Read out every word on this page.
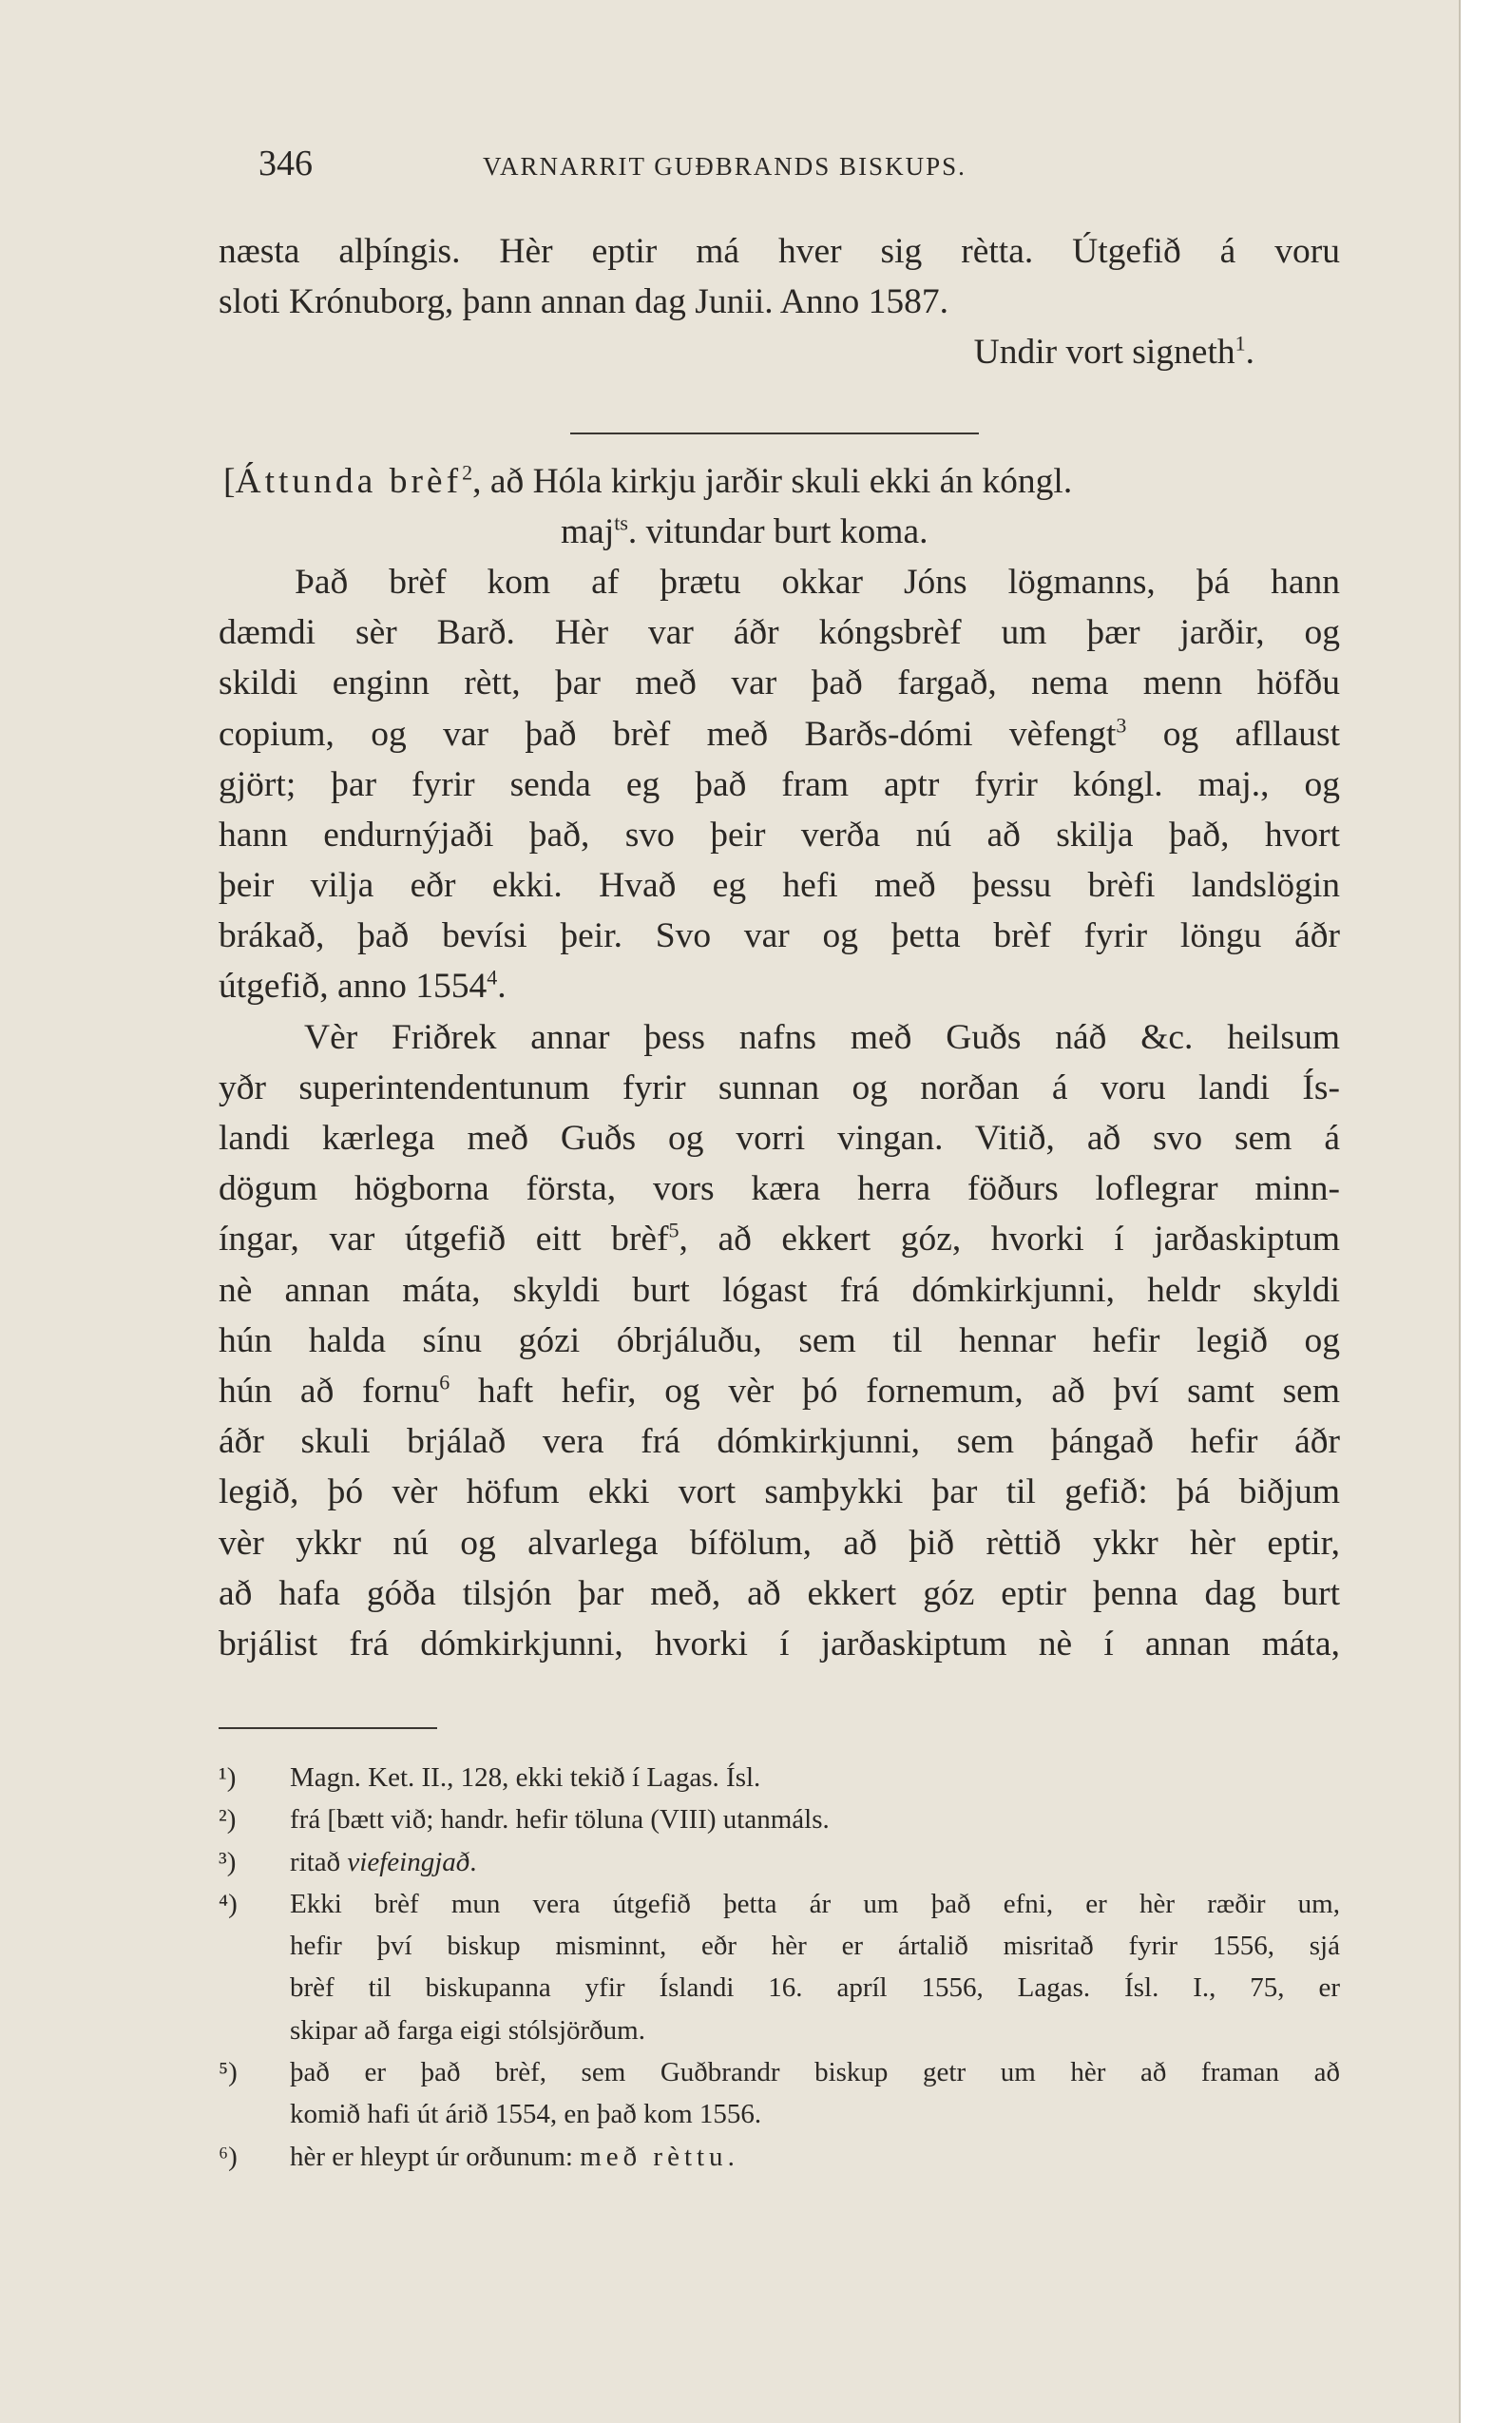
346	VARNARRIT GUÐBRANDS BISKUPS.
næsta alþíngis. Hèr eptir má hver sig rètta. Útgefið á voru
sloti Krónuborg, þann annan dag Junii. Anno 1587.
Undir vort signeth$^1$.
[Áttunda brèf$^2$, að Hóla kirkju jarðir skuli ekki án kóngl.
maj$^{ts}$. vitundar burt koma.
Það brèf kom af þrætu okkar Jóns lögmanns, þá hann
dæmdi sèr Barð. Hèr var áðr kóngsbrèf um þær jarðir, og
skildi enginn rètt, þar með var það fargað, nema menn höfðu
copium, og var það brèf með Barðs-dómi vèfengt$^3$ og afllaust
gjört; þar fyrir senda eg það fram aptr fyrir kóngl. maj., og
hann endurnýjaði það, svo þeir verða nú að skilja það, hvort
þeir vilja eðr ekki. Hvað eg hefi með þessu brèfi landslögin
brákað, það bevísi þeir. Svo var og þetta brèf fyrir löngu áðr
útgefið, anno 1554$^4$.
Vèr Friðrek annar þess nafns með Guðs náð &c. heilsum
yðr superintendentunum fyrir sunnan og norðan á voru landi Ís-
landi kærlega með Guðs og vorri vingan. Vitið, að svo sem á
dögum högborna första, vors kæra herra föðurs loflegrar minn-
íngar, var útgefið eitt brèf$^5$, að ekkert góz, hvorki í jarðaskiptum
nè annan máta, skyldi burt lógast frá dómkirkjunni, heldr skyldi
hún halda sínu gózi óbrjáluðu, sem til hennar hefir legið og
hún að fornu$^6$ haft hefir, og vèr þó fornemum, að því samt sem
áðr skuli brjálað vera frá dómkirkjunni, sem þángað hefir áðr
legið, þó vèr höfum ekki vort samþykki þar til gefið: þá biðjum
vèr ykkr nú og alvarlega bífölum, að þið rèttið ykkr hèr eptir,
að hafa góða tilsjón þar með, að ekkert góz eptir þenna dag burt
brjálist frá dómkirkjunni, hvorki í jarðaskiptum nè í annan máta,
¹)	Magn. Ket. II., 128, ekki tekið í Lagas. Ísl.
²)	frá [bætt við; handr. hefir töluna (VIII) utanmáls.
³)	ritað viefeingjað.
⁴)	Ekki brèf mun vera útgefið þetta ár um það efni, er hèr ræðir um,
hefir því biskup misminnt, eðr hèr er ártalið misritað fyrir 1556, sjá
brèf til biskupanna yfir Íslandi 16. apríl 1556, Lagas. Ísl. I., 75, er
skipar að farga eigi stólsjörðum.
⁵)	það er það brèf, sem Guðbrandr biskup getr um hèr að framan að
komið hafi út árið 1554, en það kom 1556.
⁶)	hèr er hleypt úr orðunum: með rèttu.
